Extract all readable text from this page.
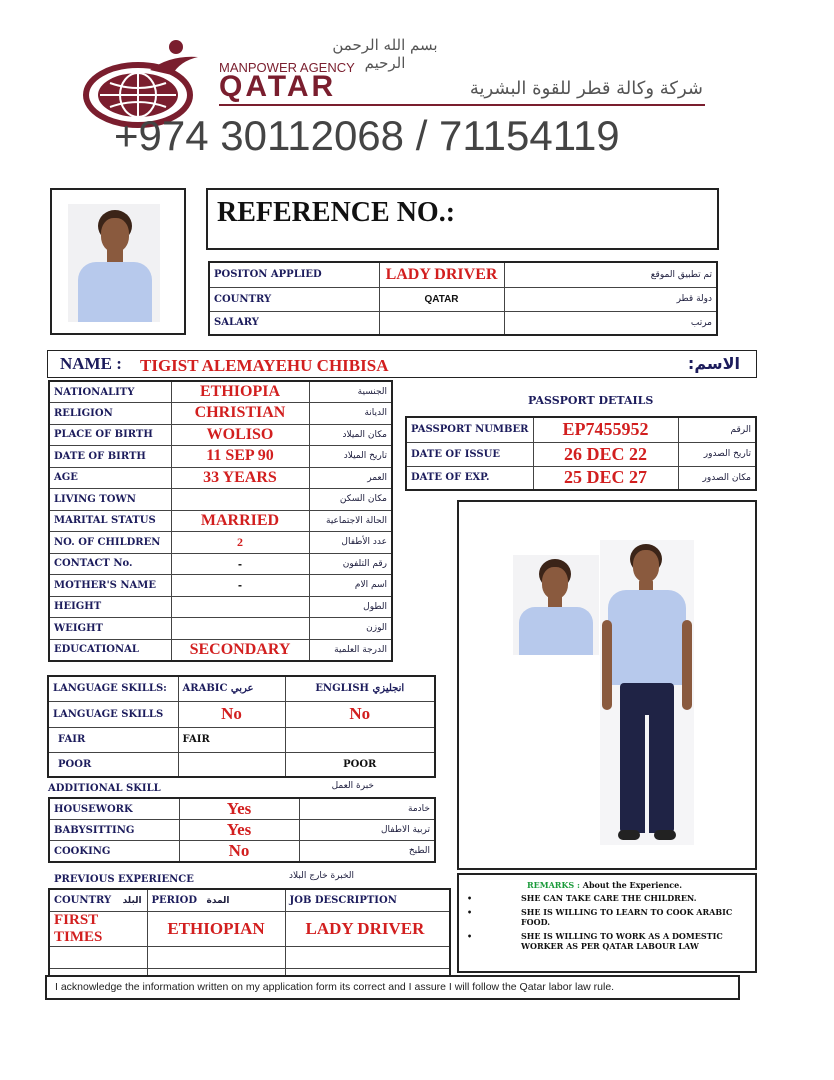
بسم الله الرحمن الرحيم
MANPOWER AGENCY
QATAR	شركة وكالة قطر للقوة البشرية
+974 30112068 / 71154119
REFERENCE NO.:
POSITON APPLIED	LADY DRIVER	تم تطبيق الموقع
COUNTRY	QATAR	دولة قطر
SALARY		مرتب
NAME : TIGIST ALEMAYEHU CHIBISA	الاسم:
NATIONALITY	ETHIOPIA	الجنسية
RELIGION	CHRISTIAN	الديانة
PLACE OF BIRTH	WOLISO	مكان الميلاد
DATE OF BIRTH	11 SEP 90	تاريخ الميلاد
AGE	33 YEARS	العمر
LIVING TOWN		مكان السكن
MARITAL STATUS	MARRIED	الحالة الاجتماعية
NO. OF CHILDREN	2	عدد الأطفال
CONTACT No.	-	رقم التلفون
MOTHER'S NAME	-	اسم الام
HEIGHT		الطول
WEIGHT		الوزن
EDUCATIONAL	SECONDARY	الدرجة العلمية
PASSPORT DETAILS
PASSPORT NUMBER	EP7455952	الرقم
DATE OF ISSUE	26 DEC 22	تاريخ الصدور
DATE OF EXP.	25 DEC 27	مكان الصدور
LANGUAGE SKILLS:	ARABIC عربي	ENGLISH انجليزي
LANGUAGE SKILLS	No	No
FAIR	FAIR	
POOR		POOR
ADDITIONAL SKILL	خبرة العمل
HOUSEWORK	Yes	خادمة
BABYSITTING	Yes	تربية الاطفال
COOKING	No	الطبخ
PREVIOUS EXPERIENCE	الخبرة خارج البلاد
COUNTRY البلد	PERIOD المدة	JOB DESCRIPTION
FIRST TIMES	ETHIOPIAN	LADY DRIVER

REMARKS : About the Experience.
•	SHE CAN TAKE CARE THE CHILDREN.
•	SHE IS WILLING TO LEARN TO COOK ARABIC FOOD.
•	SHE IS WILLING TO WORK AS A DOMESTIC WORKER AS PER QATAR LABOUR LAW
I acknowledge the information written on my application form its correct and I assure I will follow the Qatar labor law rule.
